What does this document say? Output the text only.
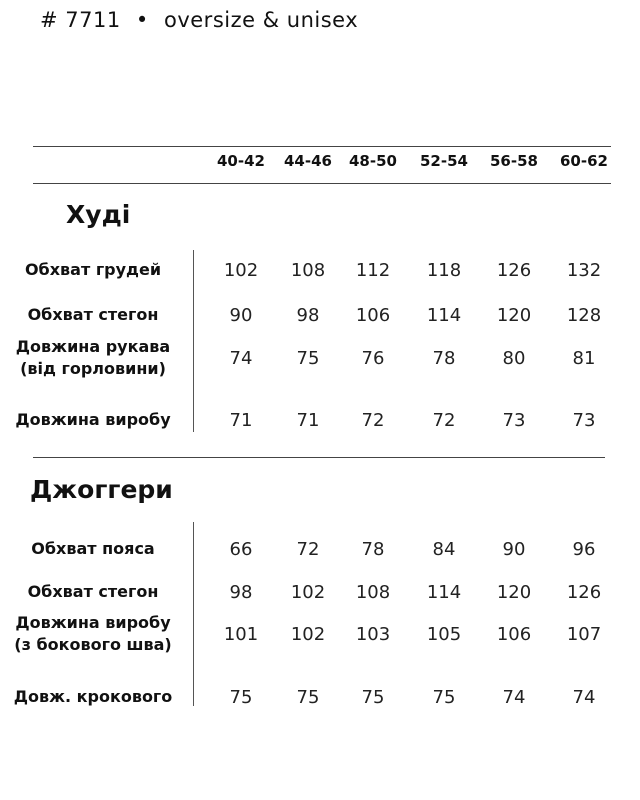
# 7711 • oversize & unisex
40-42	44-46	48-50	52-54	56-58	60-62
Худі
Обхват грудей	102	108	112	118	126	132
Обхват стегон	90	98	106	114	120	128
Довжина рукава
(від горловини)	74	75	76	78	80	81
Довжина виробу	71	71	72	72	73	73
Джоггери
Обхват пояса	66	72	78	84	90	96
Обхват стегон	98	102	108	114	120	126
Довжина виробу
(з бокового шва)	101	102	103	105	106	107
Довж. крокового	75	75	75	75	74	74
